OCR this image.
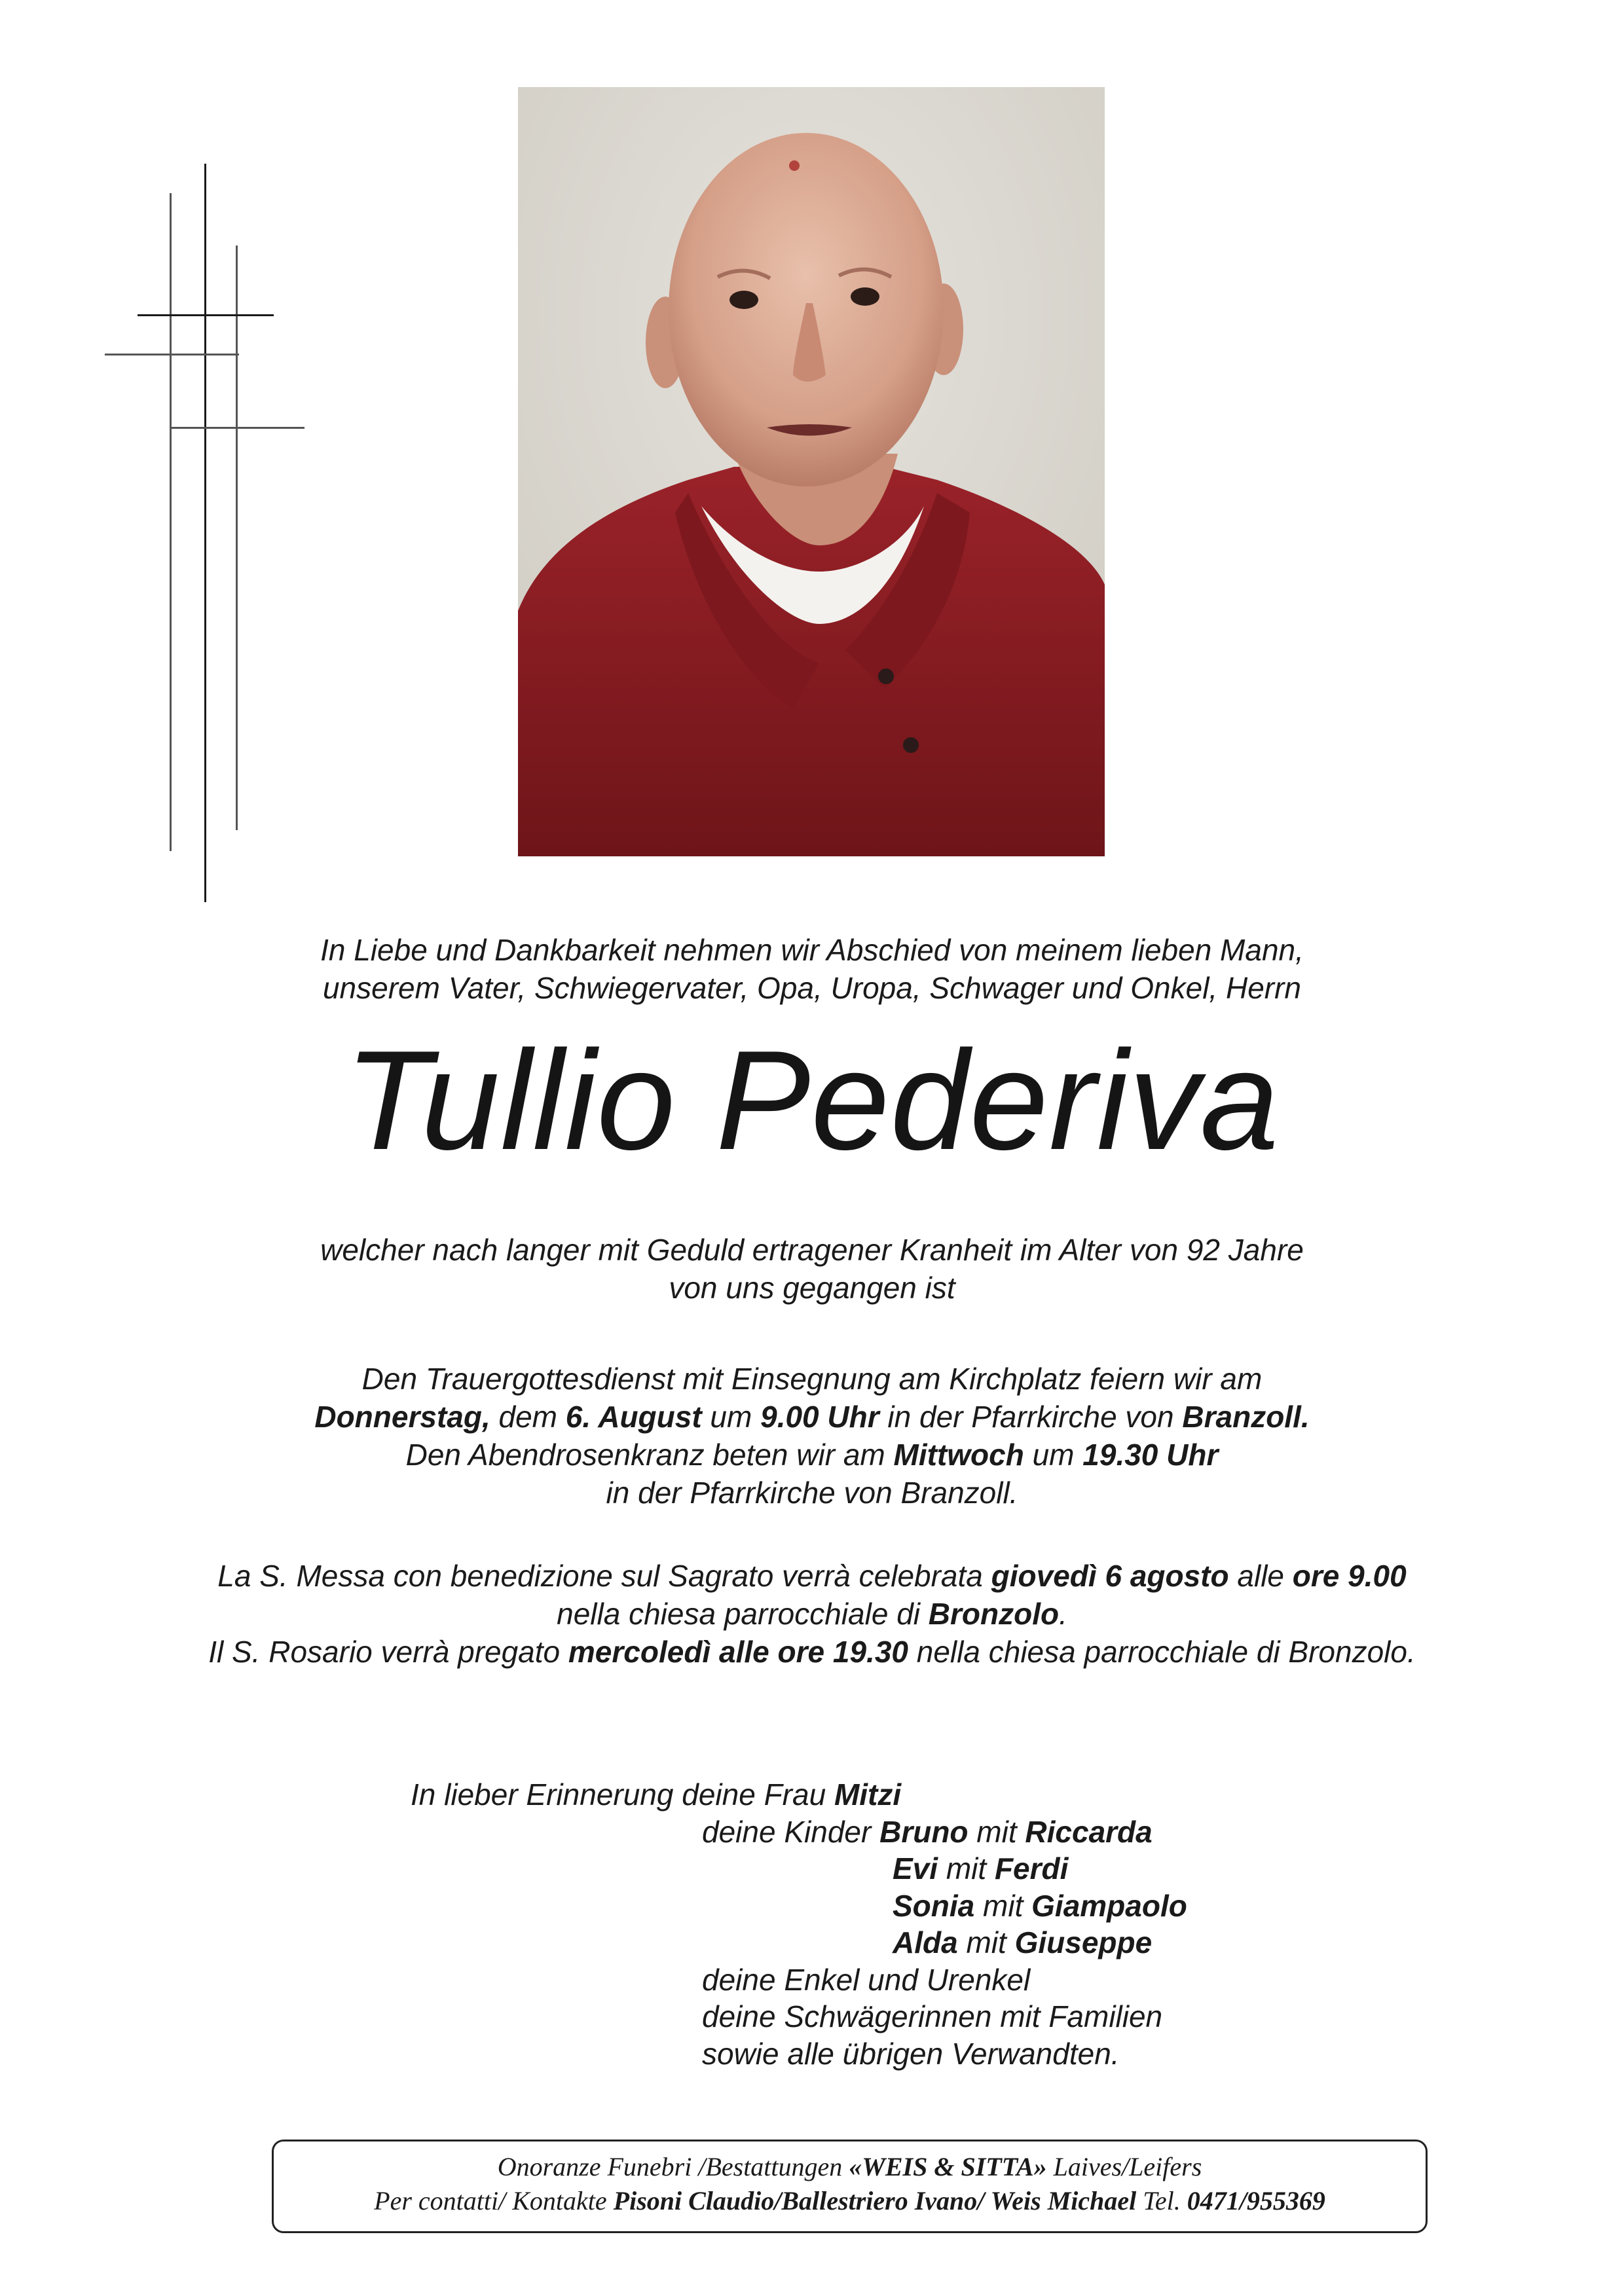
In Liebe und Dankbarkeit nehmen wir Abschied von meinem lieben Mann,
unserem Vater, Schwiegervater, Opa, Uropa, Schwager und Onkel, Herrn
Tullio Pederiva
welcher nach langer mit Geduld ertragener Kranheit im Alter von 92 Jahre
von uns gegangen ist
Den Trauergottesdienst mit Einsegnung am Kirchplatz feiern wir am
Donnerstag, dem 6. August um 9.00 Uhr in der Pfarrkirche von Branzoll.
Den Abendrosenkranz beten wir am Mittwoch um 19.30 Uhr
in der Pfarrkirche von Branzoll.
La S. Messa con benedizione sul Sagrato verrà celebrata giovedì 6 agosto alle ore 9.00
nella chiesa parrocchiale di Bronzolo.
Il S. Rosario verrà pregato mercoledì alle ore 19.30 nella chiesa parrocchiale di Bronzolo.
In lieber Erinnerung deine Frau Mitzi
deine Kinder Bruno mit Riccarda
Evi mit Ferdi
Sonia mit Giampaolo
Alda mit Giuseppe
deine Enkel und Urenkel
deine Schwägerinnen mit Familien
sowie alle übrigen Verwandten.
Onoranze Funebri /Bestattungen «WEIS & SITTA» Laives/Leifers
Per contatti/ Kontakte Pisoni Claudio/Ballestriero Ivano/ Weis Michael Tel. 0471/955369
